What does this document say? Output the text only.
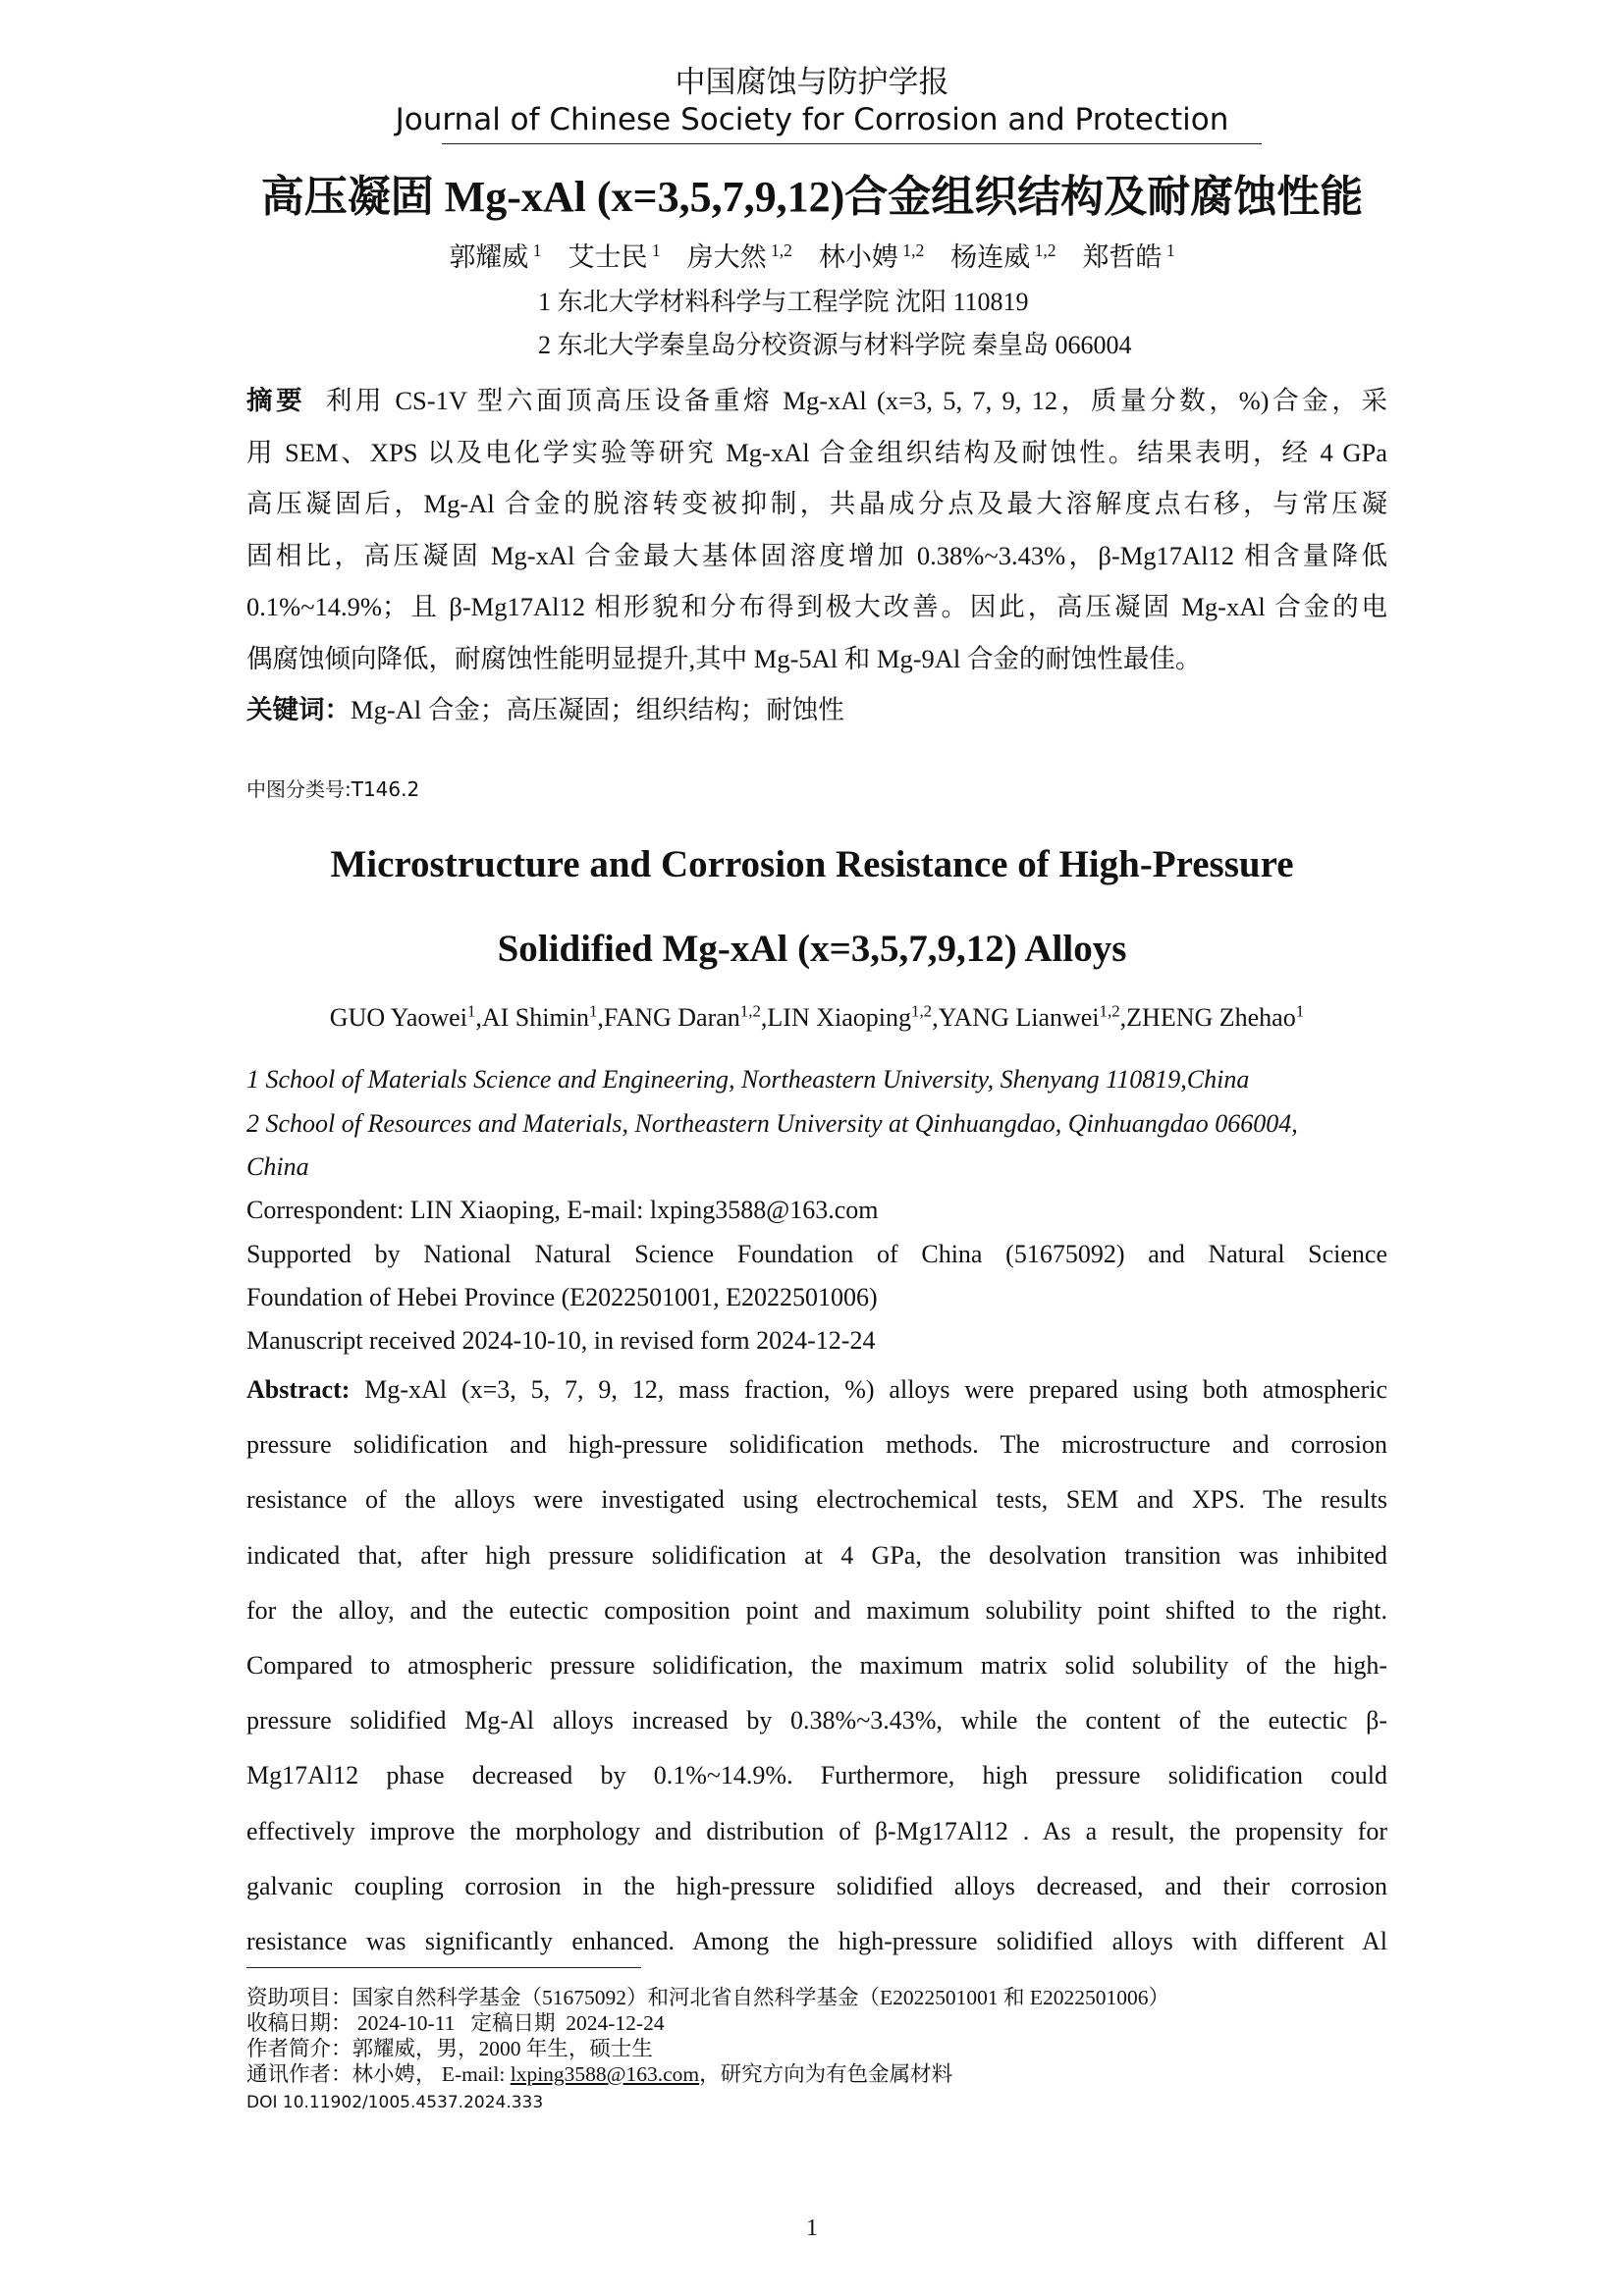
中国腐蚀与防护学报
Journal of Chinese Society for Corrosion and Protection
高压凝固 Mg-xAl (x=3,5,7,9,12)合金组织结构及耐腐蚀性能
郭耀威 $^1$ 艾士民 $^1$ 房大然 $^{1,2}$ 林小娉 $^{1,2}$ 杨连威 $^{1,2}$ 郑哲皓 $^1$
1 东北大学材料科学与工程学院 沈阳 110819
2 东北大学秦皇岛分校资源与材料学院 秦皇岛 066004
摘要 利用 CS-1V 型六面顶高压设备重熔 Mg-xAl (x=3, 5, 7, 9, 12，质量分数，%)合金，采
用 SEM、XPS 以及电化学实验等研究 Mg-xAl 合金组织结构及耐蚀性。结果表明，经 4 GPa
高压凝固后，Mg-Al 合金的脱溶转变被抑制，共晶成分点及最大溶解度点右移，与常压凝
固相比，高压凝固 Mg-xAl 合金最大基体固溶度增加 0.38%~3.43%，β-Mg17Al12 相含量降低
0.1%~14.9%；且 β-Mg17Al12 相形貌和分布得到极大改善。因此，高压凝固 Mg-xAl 合金的电
偶腐蚀倾向降低，耐腐蚀性能明显提升,其中 Mg-5Al 和 Mg-9Al 合金的耐蚀性最佳。
关键词：Mg-Al 合金；高压凝固；组织结构；耐蚀性
中图分类号:T146.2
Microstructure and Corrosion Resistance of High-Pressure
Solidified Mg-xAl (x=3,5,7,9,12) Alloys
GUO Yaowei$^1$,AI Shimin$^1$,FANG Daran$^{1,2}$,LIN Xiaoping$^{1,2}$,YANG Lianwei$^{1,2}$,ZHENG Zhehao$^1$
1 School of Materials Science and Engineering, Northeastern University, Shenyang 110819,China
2 School of Resources and Materials, Northeastern University at Qinhuangdao, Qinhuangdao 066004,
China
Correspondent: LIN Xiaoping, E-mail: lxping3588@163.com
Supported by National Natural Science Foundation of China (51675092) and Natural Science
Foundation of Hebei Province (E2022501001, E2022501006)
Manuscript received 2024-10-10, in revised form 2024-12-24
Abstract: Mg-xAl (x=3, 5, 7, 9, 12, mass fraction, %) alloys were prepared using both atmospheric
pressure solidification and high-pressure solidification methods. The microstructure and corrosion
resistance of the alloys were investigated using electrochemical tests, SEM and XPS. The results
indicated that, after high pressure solidification at 4 GPa, the desolvation transition was inhibited
for the alloy, and the eutectic composition point and maximum solubility point shifted to the right.
Compared to atmospheric pressure solidification, the maximum matrix solid solubility of the high-
pressure solidified Mg-Al alloys increased by 0.38%~3.43%, while the content of the eutectic β-
Mg17Al12 phase decreased by 0.1%~14.9%. Furthermore, high pressure solidification could
effectively improve the morphology and distribution of β-Mg17Al12 . As a result, the propensity for
galvanic coupling corrosion in the high-pressure solidified alloys decreased, and their corrosion
resistance was significantly enhanced. Among the high-pressure solidified alloys with different Al
资助项目：国家自然科学基金（51675092）和河北省自然科学基金（E2022501001 和 E2022501006）
收稿日期： 2024-10-11   定稿日期  2024-12-24
作者简介：郭耀威，男，2000 年生，硕士生
通讯作者：林小娉， E-mail: lxping3588@163.com，研究方向为有色金属材料
DOI 10.11902/1005.4537.2024.333
1
